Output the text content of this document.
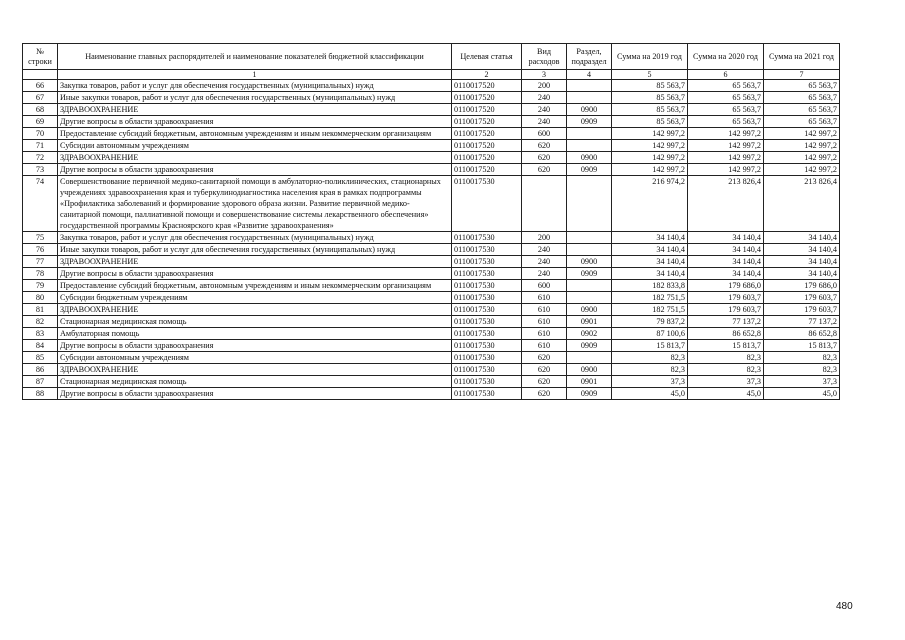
№ строки	Наименование главных распорядителей и наименование показателей бюджетной классификации	Целевая статья	Вид расходов	Раздел, подраздел	Сумма на 2019 год	Сумма на 2020 год	Сумма на 2021 год
	1	2	3	4	5	6	7
66	Закупка товаров, работ и услуг для обеспечения государственных (муниципальных) нужд	0110017520	200		85 563,7	65 563,7	65 563,7
67	Иные закупки товаров, работ и услуг для обеспечения государственных (муниципальных) нужд	0110017520	240		85 563,7	65 563,7	65 563,7
68	ЗДРАВООХРАНЕНИЕ	0110017520	240	0900	85 563,7	65 563,7	65 563,7
69	Другие вопросы в области здравоохранения	0110017520	240	0909	85 563,7	65 563,7	65 563,7
70	Предоставление субсидий бюджетным, автономным учреждениям и иным некоммерческим организациям	0110017520	600		142 997,2	142 997,2	142 997,2
71	Субсидии автономным учреждениям	0110017520	620		142 997,2	142 997,2	142 997,2
72	ЗДРАВООХРАНЕНИЕ	0110017520	620	0900	142 997,2	142 997,2	142 997,2
73	Другие вопросы в области здравоохранения	0110017520	620	0909	142 997,2	142 997,2	142 997,2
74	Совершенствование первичной медико-санитарной помощи в амбулаторно-поликлинических, стационарных учреждениях здравоохранения края и туберкулинодиагностика населения края в рамках подпрограммы «Профилактика заболеваний и формирование здорового образа жизни. Развитие первичной медико-санитарной помощи, паллиативной помощи и совершенствование системы лекарственного обеспечения» государственной программы Красноярского края «Развитие здравоохранения»	0110017530			216 974,2	213 826,4	213 826,4
75	Закупка товаров, работ и услуг для обеспечения государственных (муниципальных) нужд	0110017530	200		34 140,4	34 140,4	34 140,4
76	Иные закупки товаров, работ и услуг для обеспечения государственных (муниципальных) нужд	0110017530	240		34 140,4	34 140,4	34 140,4
77	ЗДРАВООХРАНЕНИЕ	0110017530	240	0900	34 140,4	34 140,4	34 140,4
78	Другие вопросы в области здравоохранения	0110017530	240	0909	34 140,4	34 140,4	34 140,4
79	Предоставление субсидий бюджетным, автономным учреждениям и иным некоммерческим организациям	0110017530	600		182 833,8	179 686,0	179 686,0
80	Субсидии бюджетным учреждениям	0110017530	610		182 751,5	179 603,7	179 603,7
81	ЗДРАВООХРАНЕНИЕ	0110017530	610	0900	182 751,5	179 603,7	179 603,7
82	Стационарная медицинская помощь	0110017530	610	0901	79 837,2	77 137,2	77 137,2
83	Амбулаторная помощь	0110017530	610	0902	87 100,6	86 652,8	86 652,8
84	Другие вопросы в области здравоохранения	0110017530	610	0909	15 813,7	15 813,7	15 813,7
85	Субсидии автономным учреждениям	0110017530	620		82,3	82,3	82,3
86	ЗДРАВООХРАНЕНИЕ	0110017530	620	0900	82,3	82,3	82,3
87	Стационарная медицинская помощь	0110017530	620	0901	37,3	37,3	37,3
88	Другие вопросы в области здравоохранения	0110017530	620	0909	45,0	45,0	45,0
480
